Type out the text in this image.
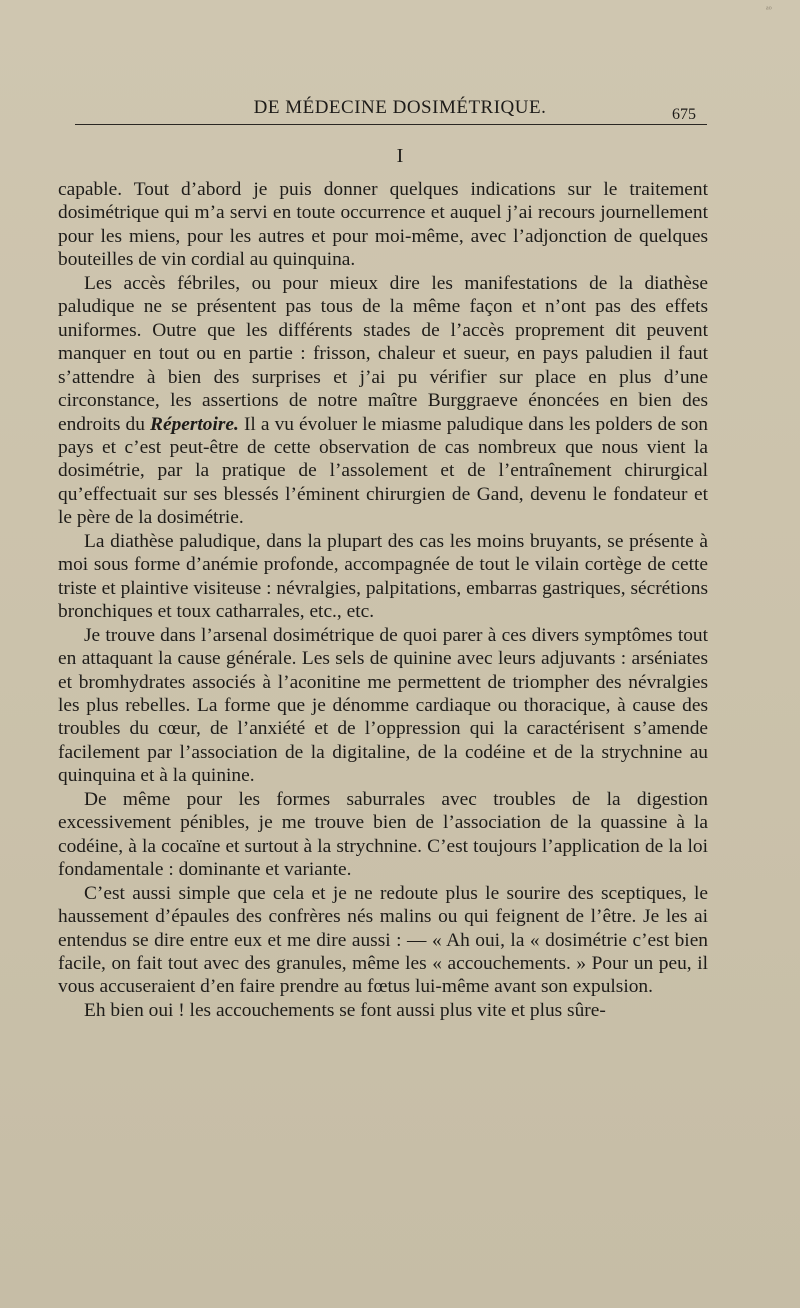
ᵃᵒ
DE MÉDECINE DOSIMÉTRIQUE.	675
I

capable. Tout d’abord je puis donner quelques indications sur le traitement dosimétrique qui m’a servi en toute occurrence et auquel j’ai recours journellement pour les miens, pour les autres et pour moi-même, avec l’adjonction de quelques bouteilles de vin cordial au quinquina.

Les accès fébriles, ou pour mieux dire les manifestations de la diathèse paludique ne se présentent pas tous de la même façon et n’ont pas des effets uniformes. Outre que les différents stades de l’accès proprement dit peuvent manquer en tout ou en partie : frisson, chaleur et sueur, en pays paludien il faut s’attendre à bien des surprises et j’ai pu vérifier sur place en plus d’une circonstance, les assertions de notre maître Burggraeve énoncées en bien des endroits du Répertoire. Il a vu évoluer le miasme paludique dans les polders de son pays et c’est peut-être de cette observation de cas nombreux que nous vient la dosimétrie, par la pratique de l’assolement et de l’entraînement chirurgical qu’effectuait sur ses blessés l’éminent chirurgien de Gand, devenu le fondateur et le père de la dosimétrie.

La diathèse paludique, dans la plupart des cas les moins bruyants, se présente à moi sous forme d’anémie profonde, accompagnée de tout le vilain cortège de cette triste et plaintive visiteuse : névralgies, palpitations, embarras gastriques, sécrétions bronchiques et toux catharrales, etc., etc.

Je trouve dans l’arsenal dosimétrique de quoi parer à ces divers symptômes tout en attaquant la cause générale. Les sels de quinine avec leurs adjuvants : arséniates et bromhydrates associés à l’aconitine me permettent de triompher des névralgies les plus rebelles. La forme que je dénomme cardiaque ou thoracique, à cause des troubles du cœur, de l’anxiété et de l’oppression qui la caractérisent s’amende facilement par l’association de la digitaline, de la codéine et de la strychnine au quinquina et à la quinine.

De même pour les formes saburrales avec troubles de la digestion excessivement pénibles, je me trouve bien de l’association de la quassine à la codéine, à la cocaïne et surtout à la strychnine. C’est toujours l’application de la loi fondamentale : dominante et variante.

C’est aussi simple que cela et je ne redoute plus le sourire des sceptiques, le haussement d’épaules des confrères nés malins ou qui feignent de l’être. Je les ai entendus se dire entre eux et me dire aussi : — « Ah oui, la « dosimétrie c’est bien facile, on fait tout avec des granules, même les « accouchements. » Pour un peu, il vous accuseraient d’en faire prendre au fœtus lui-même avant son expulsion.

Eh bien oui ! les accouchements se font aussi plus vite et plus sûre-
